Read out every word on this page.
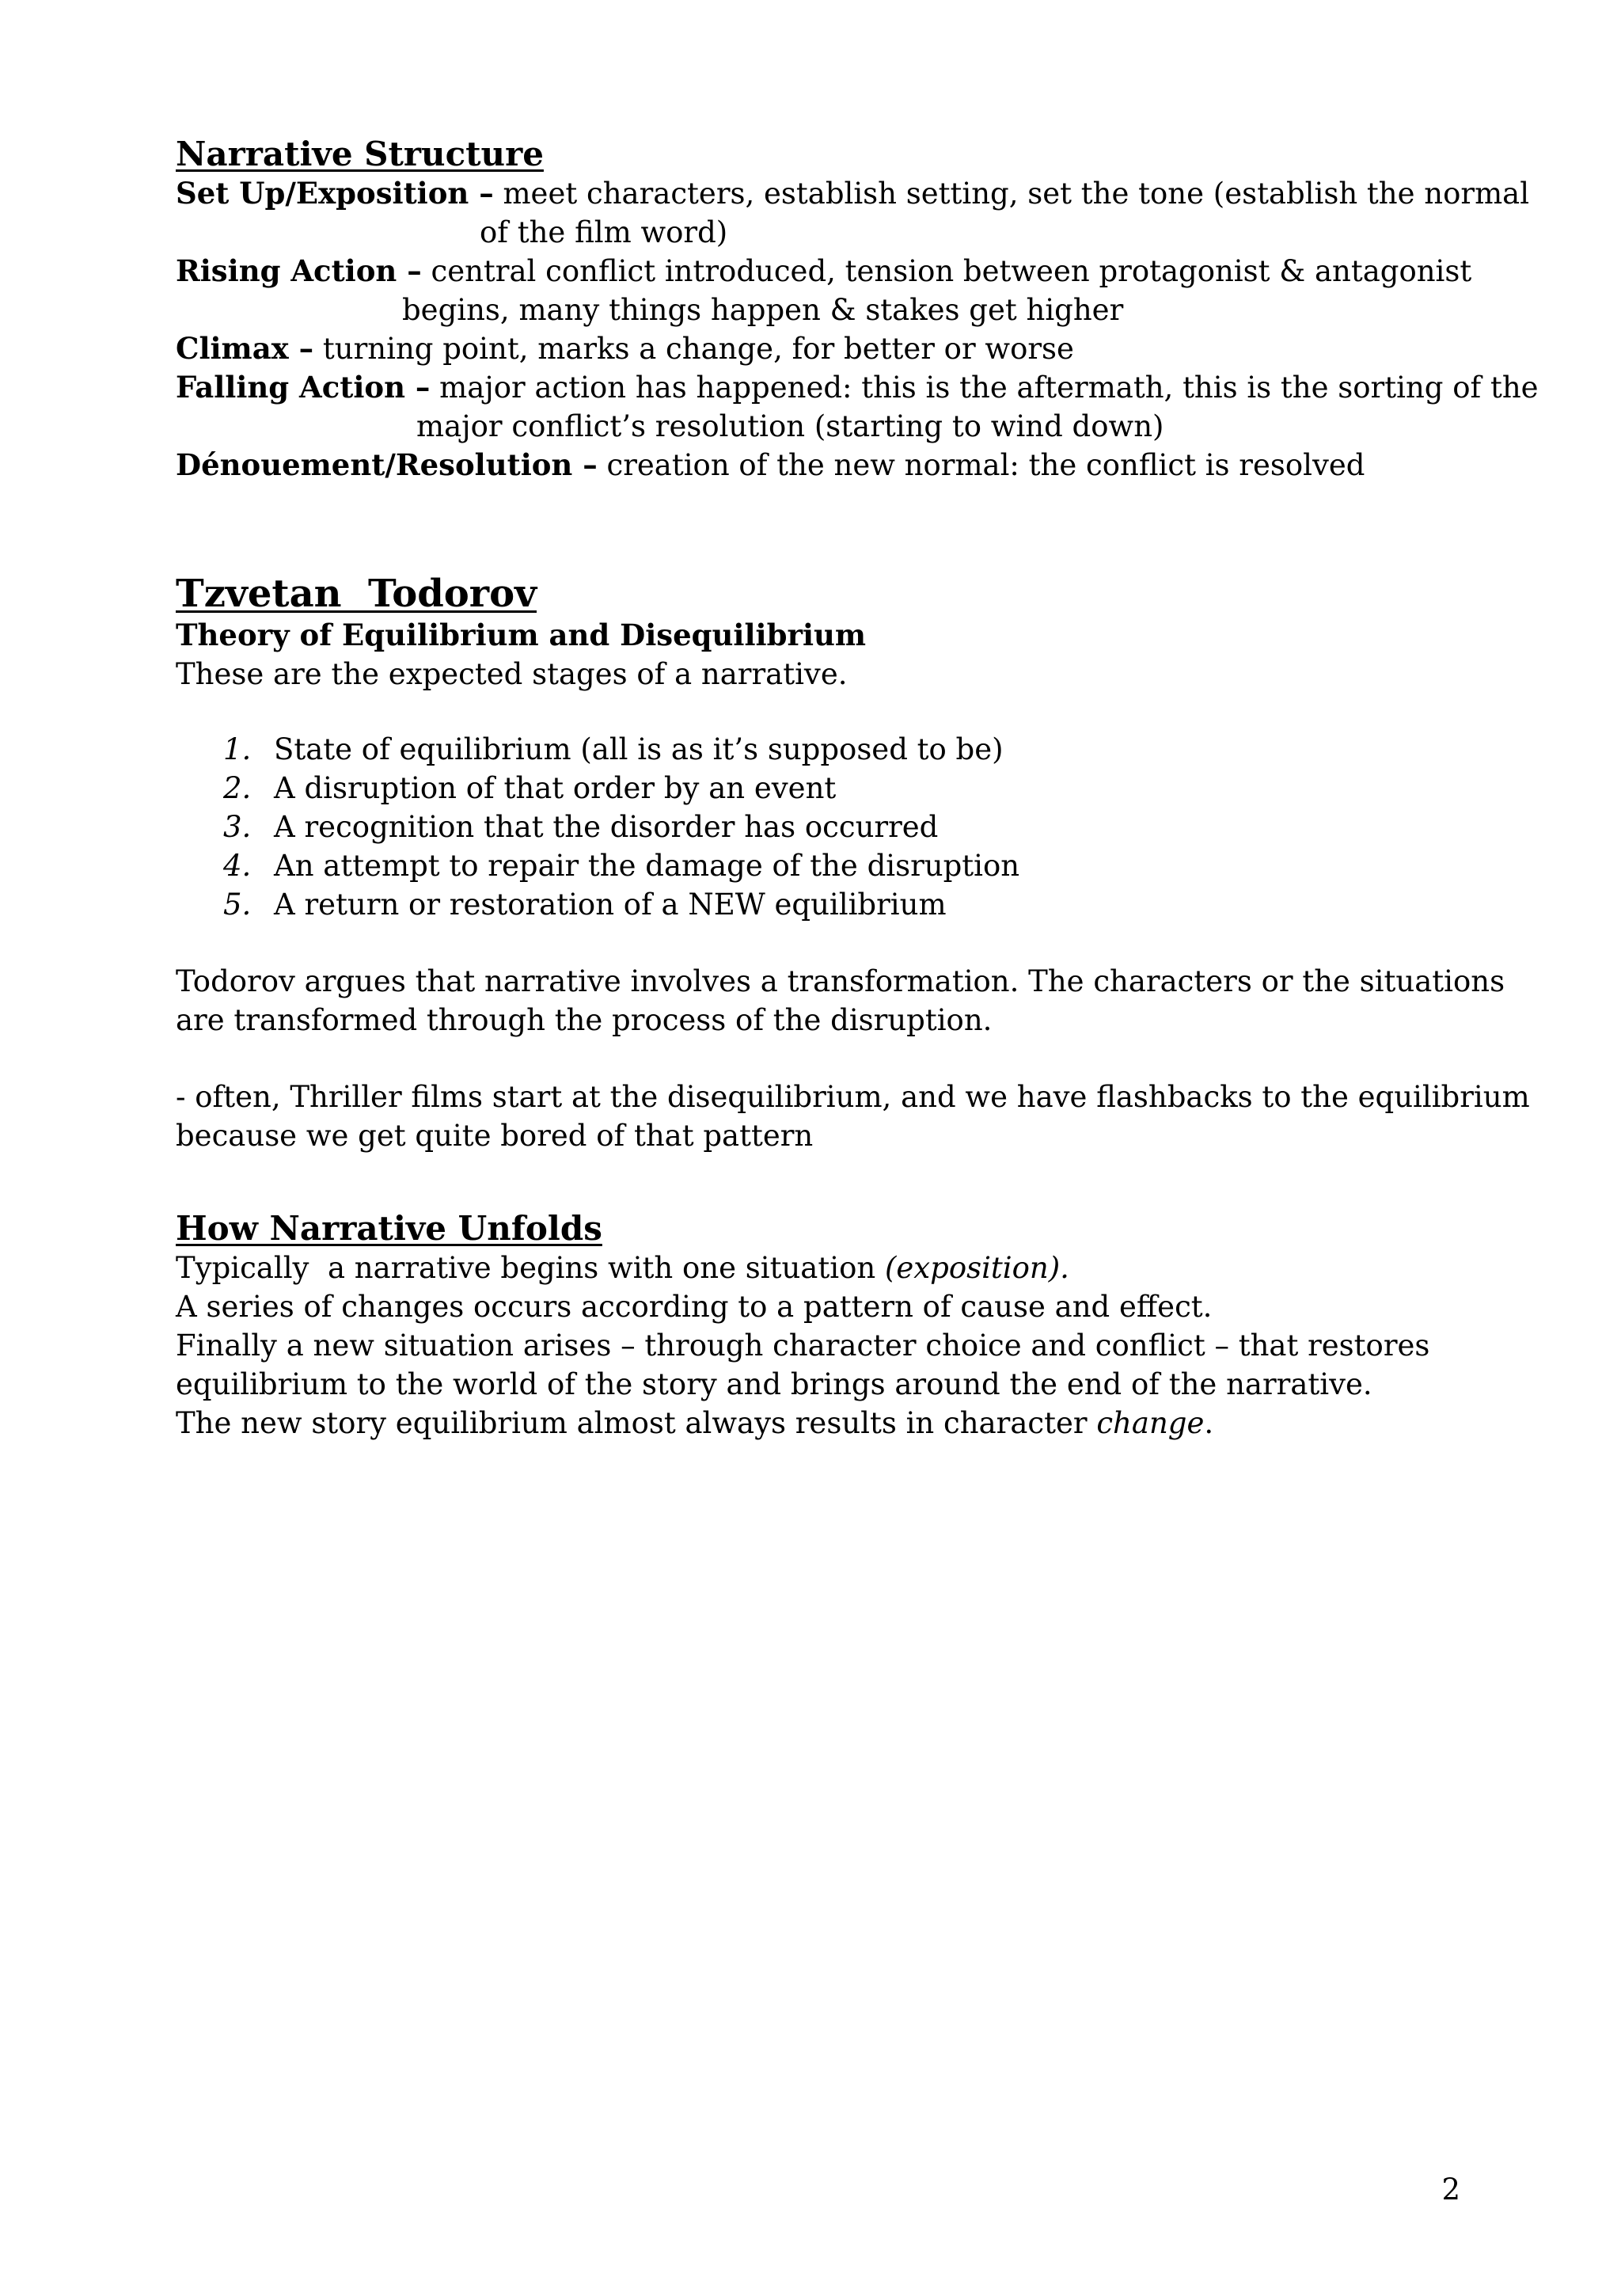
Narrative Structure
Set Up/Exposition – meet characters, establish setting, set the tone (establish the normal
of the film word)
Rising Action – central conflict introduced, tension between protagonist & antagonist
begins, many things happen & stakes get higher
Climax – turning point, marks a change, for better or worse
Falling Action – major action has happened: this is the aftermath, this is the sorting of the
major conflict’s resolution (starting to wind down)
Dénouement/Resolution – creation of the new normal: the conflict is resolved
Tzvetan  Todorov
Theory of Equilibrium and Disequilibrium
These are the expected stages of a narrative.
1. State of equilibrium (all is as it’s supposed to be)
2. A disruption of that order by an event
3. A recognition that the disorder has occurred
4. An attempt to repair the damage of the disruption
5. A return or restoration of a NEW equilibrium
Todorov argues that narrative involves a transformation. The characters or the situations
are transformed through the process of the disruption.
- often, Thriller films start at the disequilibrium, and we have flashbacks to the equilibrium
because we get quite bored of that pattern
How Narrative Unfolds
Typically  a narrative begins with one situation (exposition).
A series of changes occurs according to a pattern of cause and effect.
Finally a new situation arises – through character choice and conflict – that restores
equilibrium to the world of the story and brings around the end of the narrative.
The new story equilibrium almost always results in character change.
2
